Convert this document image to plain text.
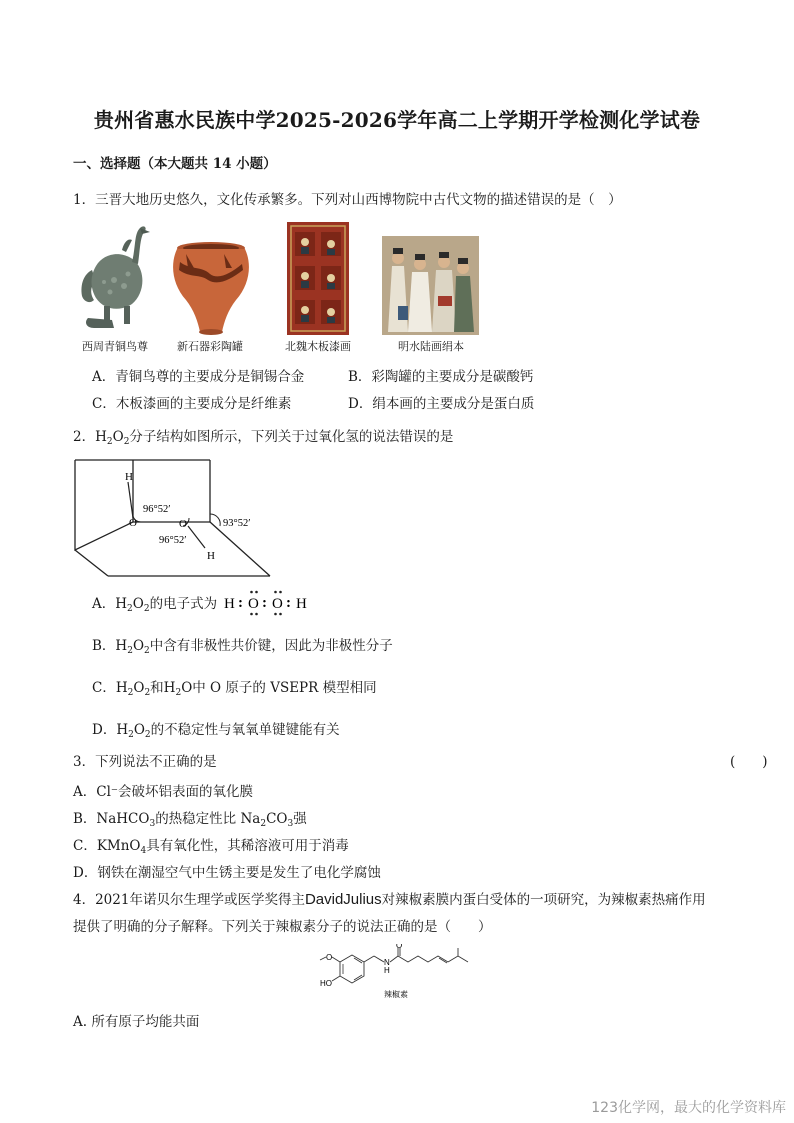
贵州省惠水民族中学2025-2026学年高二上学期开学检测化学试卷
一、选择题（本大题共 14 小题）
1．三晋大地历史悠久，文化传承繁多。下列对山西博物院中古代文物的描述错误的是（　）
西周青铜鸟尊	新石器彩陶罐	北魏木板漆画	明水陆画绢本
A．青铜鸟尊的主要成分是铜锡合金	B．彩陶罐的主要成分是碳酸钙
C．木板漆画的主要成分是纤维素	D．绢本画的主要成分是蛋白质
2．$H_2O_2$分子结构如图所示，下列关于过氧化氢的说法错误的是
H
O	O
H
96°52′
93°52′
96°52′
A．$H_2O_2$的电子式为 H : O : O : H
B．$H_2O_2$中含有非极性共价键，因此为非极性分子
C．$H_2O_2$和$H_2O$中 O 原子的 VSEPR 模型相同
D．$H_2O_2$的不稳定性与氧氧单键键能有关
3．下列说法不正确的是	(　　)
A．Cl⁻会破坏铝表面的氧化膜
B．NaHCO$_3$的热稳定性比 $Na_2CO_3$强
C．KMnO$_4$具有氧化性，其稀溶液可用于消毒
D．钢铁在潮湿空气中生锈主要是发生了电化学腐蚀
4．2021年诺贝尔生理学或医学奖得主DavidJulius对辣椒素膜内蛋白受体的一项研究，为辣椒素热痛作用
提供了明确的分子解释。下列关于辣椒素分子的说法正确的是（　　）
O
N
H
O
HO
辣椒素
A. 所有原子均能共面
123化学网，最大的化学资料库
